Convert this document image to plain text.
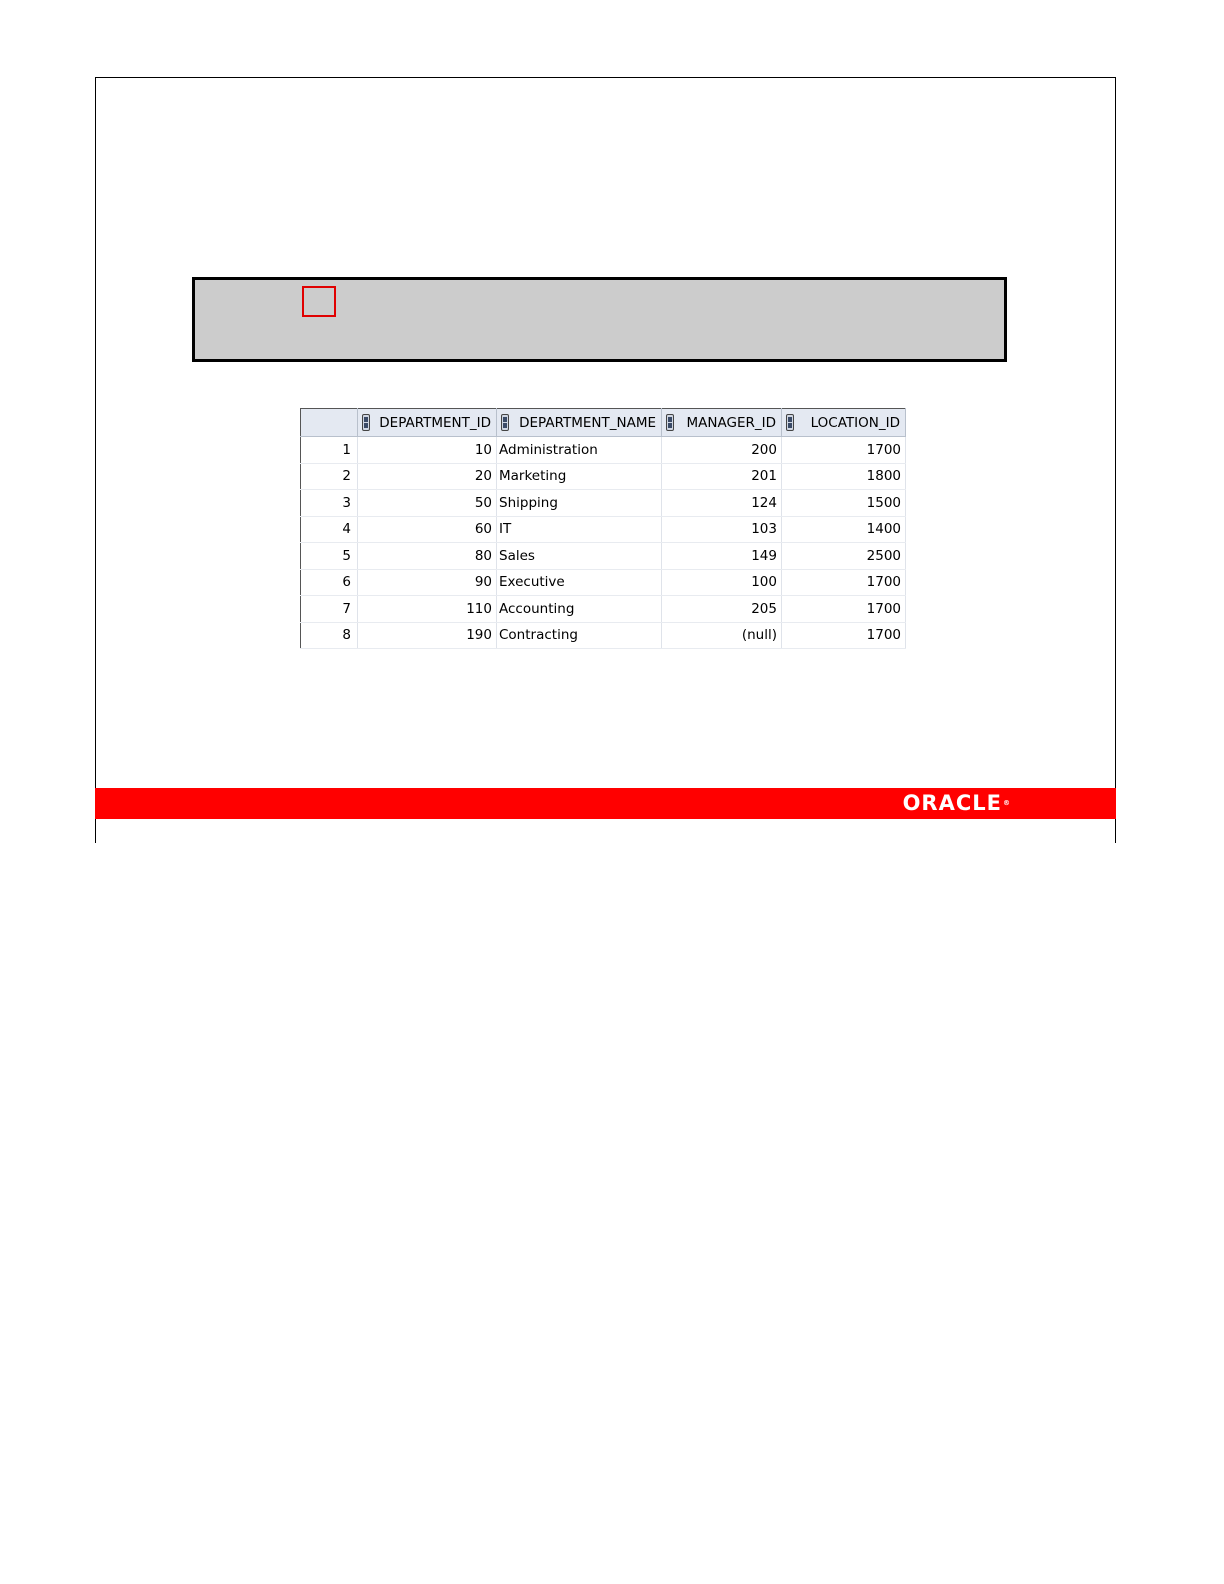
	DEPARTMENT_ID	DEPARTMENT_NAME	MANAGER_ID	LOCATION_ID

1	10	Administration	200	1700
2	20	Marketing	201	1800
3	50	Shipping	124	1500
4	60	IT	103	1400
5	80	Sales	149	2500
6	90	Executive	100	1700
7	110	Accounting	205	1700
8	190	Contracting	(null)	1700
ORACLE®
